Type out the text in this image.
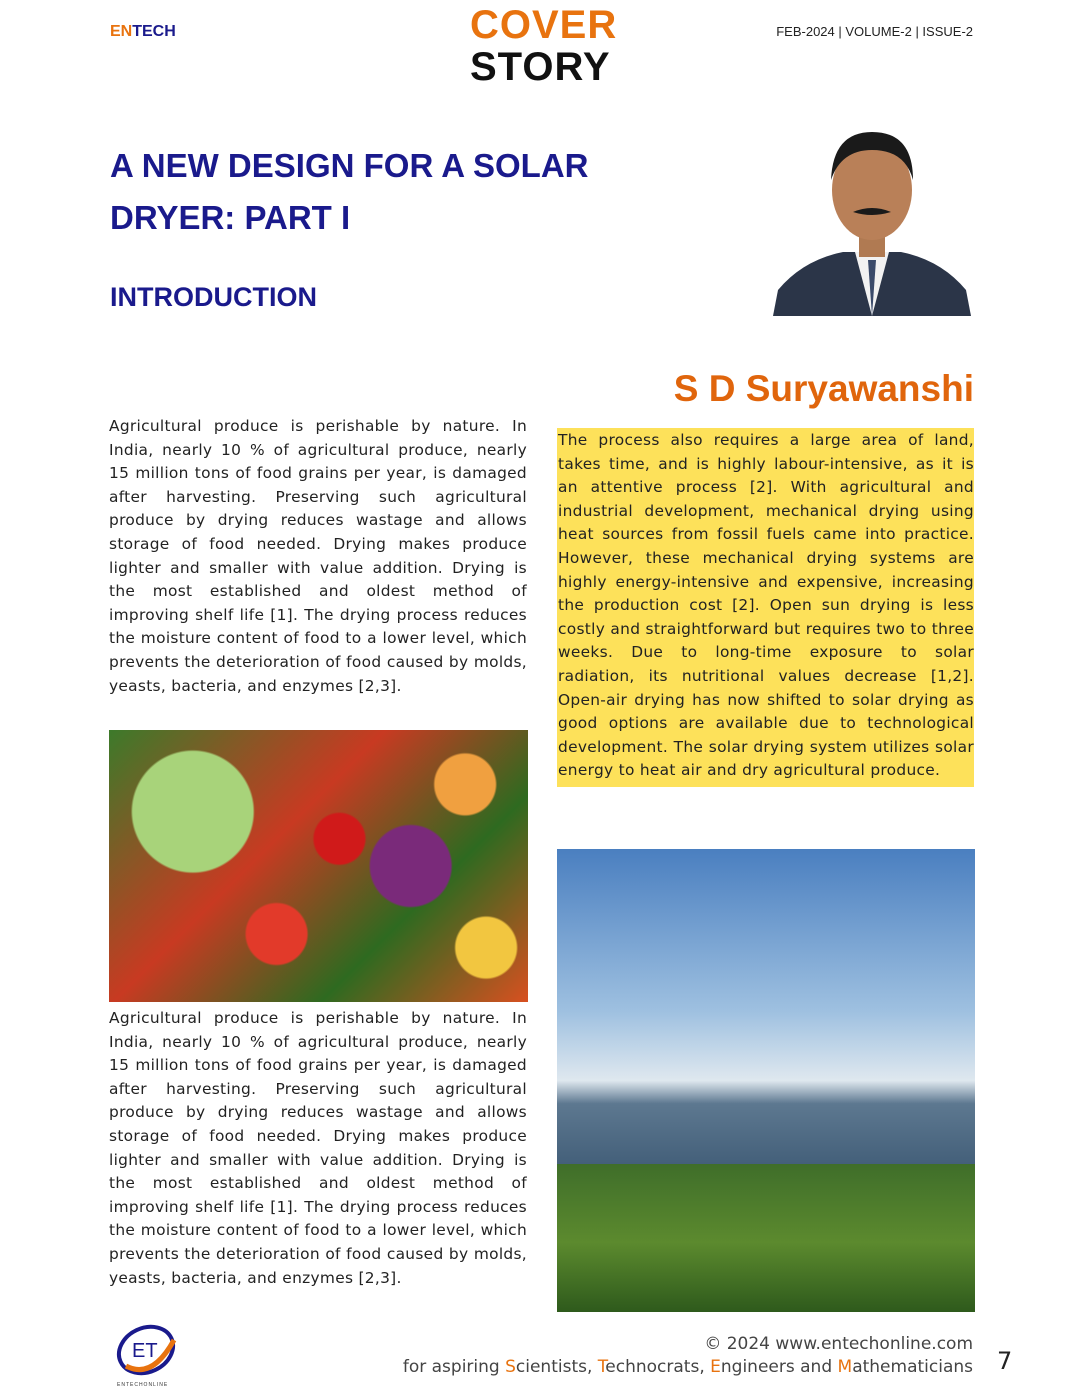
ENTECH	COVER
STORY
FEB-2024 | VOLUME-2 | ISSUE-2
A NEW DESIGN FOR A SOLAR DRYER: PART I
INTRODUCTION
S D Suryawanshi

Agricultural produce is perishable by nature. In India, nearly 10 % of agricultural produce, nearly 15 million tons of food grains per year, is damaged after harvesting. Preserving such agricultural produce by drying reduces wastage and allows storage of food needed. Drying makes produce lighter and smaller with value addition. Drying is the most established and oldest method of improving shelf life [1]. The drying process reduces the moisture content of food to a lower level, which prevents the deterioration of food caused by molds, yeasts, bacteria, and enzymes [2,3].

Agricultural produce is perishable by nature. In India, nearly 10 % of agricultural produce, nearly 15 million tons of food grains per year, is damaged after harvesting. Preserving such agricultural produce by drying reduces wastage and allows storage of food needed. Drying makes produce lighter and smaller with value addition. Drying is the most established and oldest method of improving shelf life [1]. The drying process reduces the moisture content of food to a lower level, which prevents the deterioration of food caused by molds, yeasts, bacteria, and enzymes [2,3].

The process also requires a large area of land, takes time, and is highly labour-intensive, as it is an attentive process [2]. With agricultural and industrial development, mechanical drying using heat sources from fossil fuels came into practice. However, these mechanical drying systems are highly energy-intensive and expensive, increasing the production cost [2]. Open sun drying is less costly and straightforward but requires two to three weeks. Due to long-time exposure to solar radiation, its nutritional values decrease [1,2]. Open-air drying has now shifted to solar drying as good options are available due to technological development. The solar drying system utilizes solar energy to heat air and dry agricultural produce.

ET
ENTECHONLINE
© 2024 www.entechonline.com
for aspiring Scientists, Technocrats, Engineers and Mathematicians 7
